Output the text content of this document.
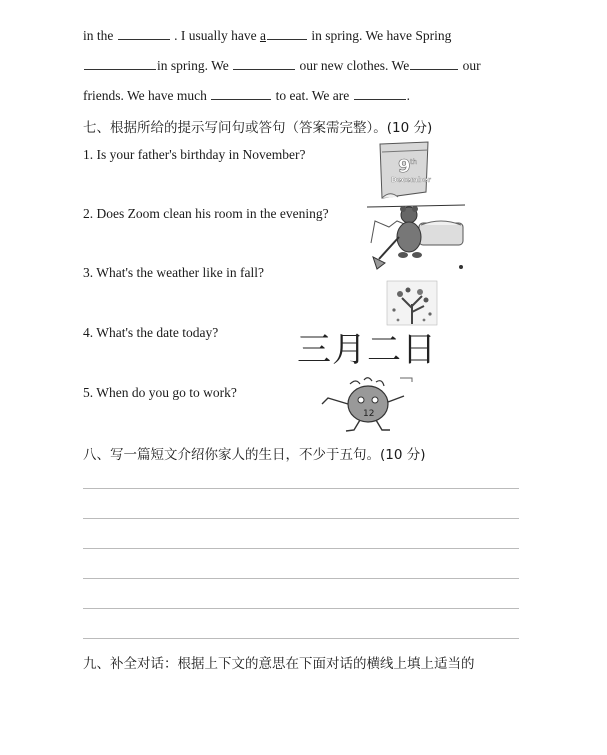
in the	. I usually have a	in spring. We have Spring
in spring. We	our new clothes. We	our
friends. We have much	to eat. We are	.
七、根据所给的提示写问句或答句（答案需完整）。(10 分)
1. Is your father's birthday in November?
2. Does Zoom clean his room in the evening?
3. What's the weather like in fall?
4. What's the date today?
5. When do you go to work?
9 th
December
三月二日
12
八、写一篇短文介绍你家人的生日，不少于五句。(10 分)
九、补全对话：根据上下文的意思在下面对话的横线上填上适当的
